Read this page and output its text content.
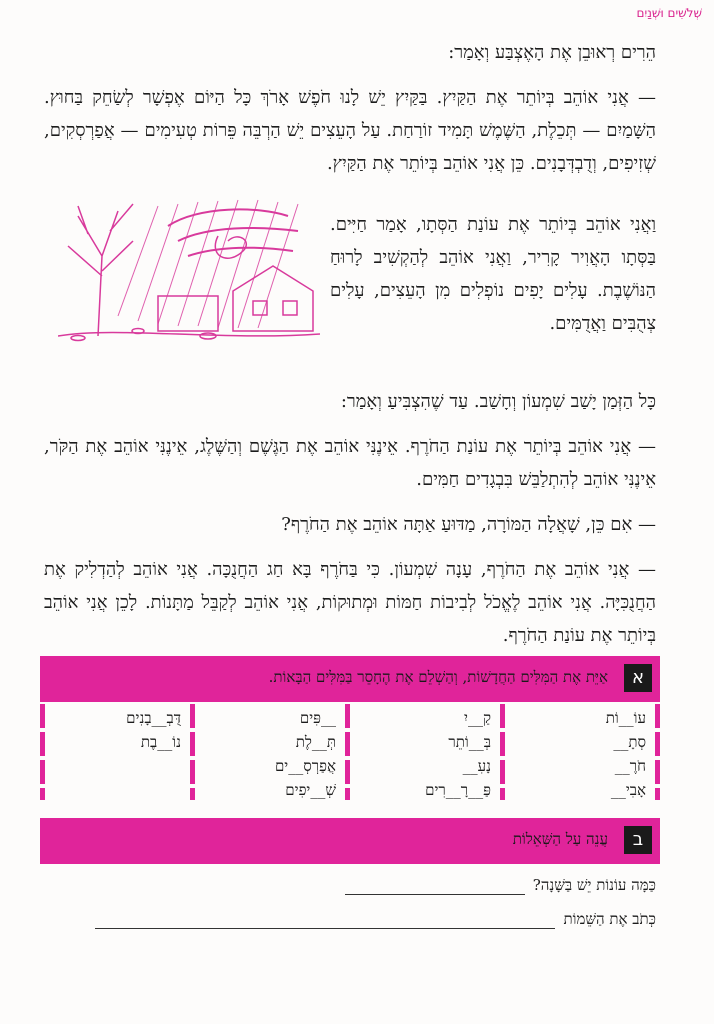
שְׁלֹשִׁים וּשְׁנַיִם

הֵרִים רְאוּבֵן אֶת הָאֶצְבַּע וְאָמַר:

— אֲנִי אוֹהֵב בְּיוֹתֵר אֶת הַקַּיִץ. בַּקַּיִץ יֵשׁ לָנוּ חֹפֶשׁ אָרֹךְ כָּל הַיּוֹם אֶפְשָׁר לְשַׂחֵק בַּחוּץ. הַשָּׁמַיִם — תְּכֵלֶת, הַשֶּׁמֶשׁ תָּמִיד זוֹרַחַת. עַל הָעֵצִים יֵשׁ הַרְבֵּה פֵּרוֹת טְעִימִים — אֲפַרְסְקִים, שְׁזִיפִים, וְדֻבְדְּבָנִים. כֵּן אֲנִי אוֹהֵב בְּיוֹתֵר אֶת הַקַּיִץ.

וַאֲנִי אוֹהֵב בְּיוֹתֵר אֶת עוֹנַת הַסְּתָו, אָמַר חַיִּים. בַּסְּתָו הָאֲוִיר קָרִיר, וַאֲנִי אוֹהֵב לְהַקְשִׁיב לָרוּחַ הַנּוֹשֶׁבֶת. עָלִים יָפִים נוֹפְלִים מִן הָעֵצִים, עָלִים צְהֻבִּים וַאֲדֻמִּים.

כָּל הַזְּמַן יָשַׁב שִׁמְעוֹן וְחָשַׁב. עַד שֶׁהִצְבִּיעַ וְאָמַר:

— אֲנִי אוֹהֵב בְּיוֹתֵר אֶת עוֹנַת הַחֹרֶף. אֵינֶנִּי אוֹהֵב אֶת הַגֶּשֶׁם וְהַשֶּׁלֶג, אֵינֶנִּי אוֹהֵב אֶת הַקֹּר, אֵינֶנִּי אוֹהֵב לְהִתְלַבֵּשׁ בִּבְגָדִים חַמִּים.

— אִם כֵּן, שָׁאֲלָה הַמּוֹרָה, מַדּוּעַ אַתָּה אוֹהֵב אֶת הַחֹרֶף?

— אֲנִי אוֹהֵב אֶת הַחֹרֶף, עָנָה שִׁמְעוֹן. כִּי בַּחֹרֶף בָּא חַג הַחֲנֻכָּה. אֲנִי אוֹהֵב לְהַדְלִיק אֶת הַחֲנֻכִּיָּה. אֲנִי אוֹהֵב לֶאֱכֹל לְבִיבוֹת חַמּוֹת וּמְתוּקוֹת, אֲנִי אוֹהֵב לְקַבֵּל מַתָּנוֹת. לָכֵן אֲנִי אוֹהֵב בְּיוֹתֵר אֶת עוֹנַת הַחֹרֶף.

א
אַיֵּת אֶת הַמִּלִּים הַחֲדָשׁוֹת, וְהַשְׁלֵם אֶת הֶחָסֵר בַּמִּלִּים הַבָּאוֹת.
עוֹ__וֹת
סְתָ__
חֹרֶ__
אָבִי__
קַ__יִ
בְּ__וֹתֵר
נָעִ__
פַּ__רָ__רִים
__פִּים
תְּ__לֶת
אֲפַרְסְ__ים
שְׁ__יפִים
דֻּבְ__בָנִים
נוֹ__בֶת
ב
עֲנֵה עַל הַשְּׁאֵלוֹת
כַּמָּה עוֹנוֹת יֵשׁ בַּשָּׁנָה?
כְּתֹב אֶת הַשֵּׁמוֹת
